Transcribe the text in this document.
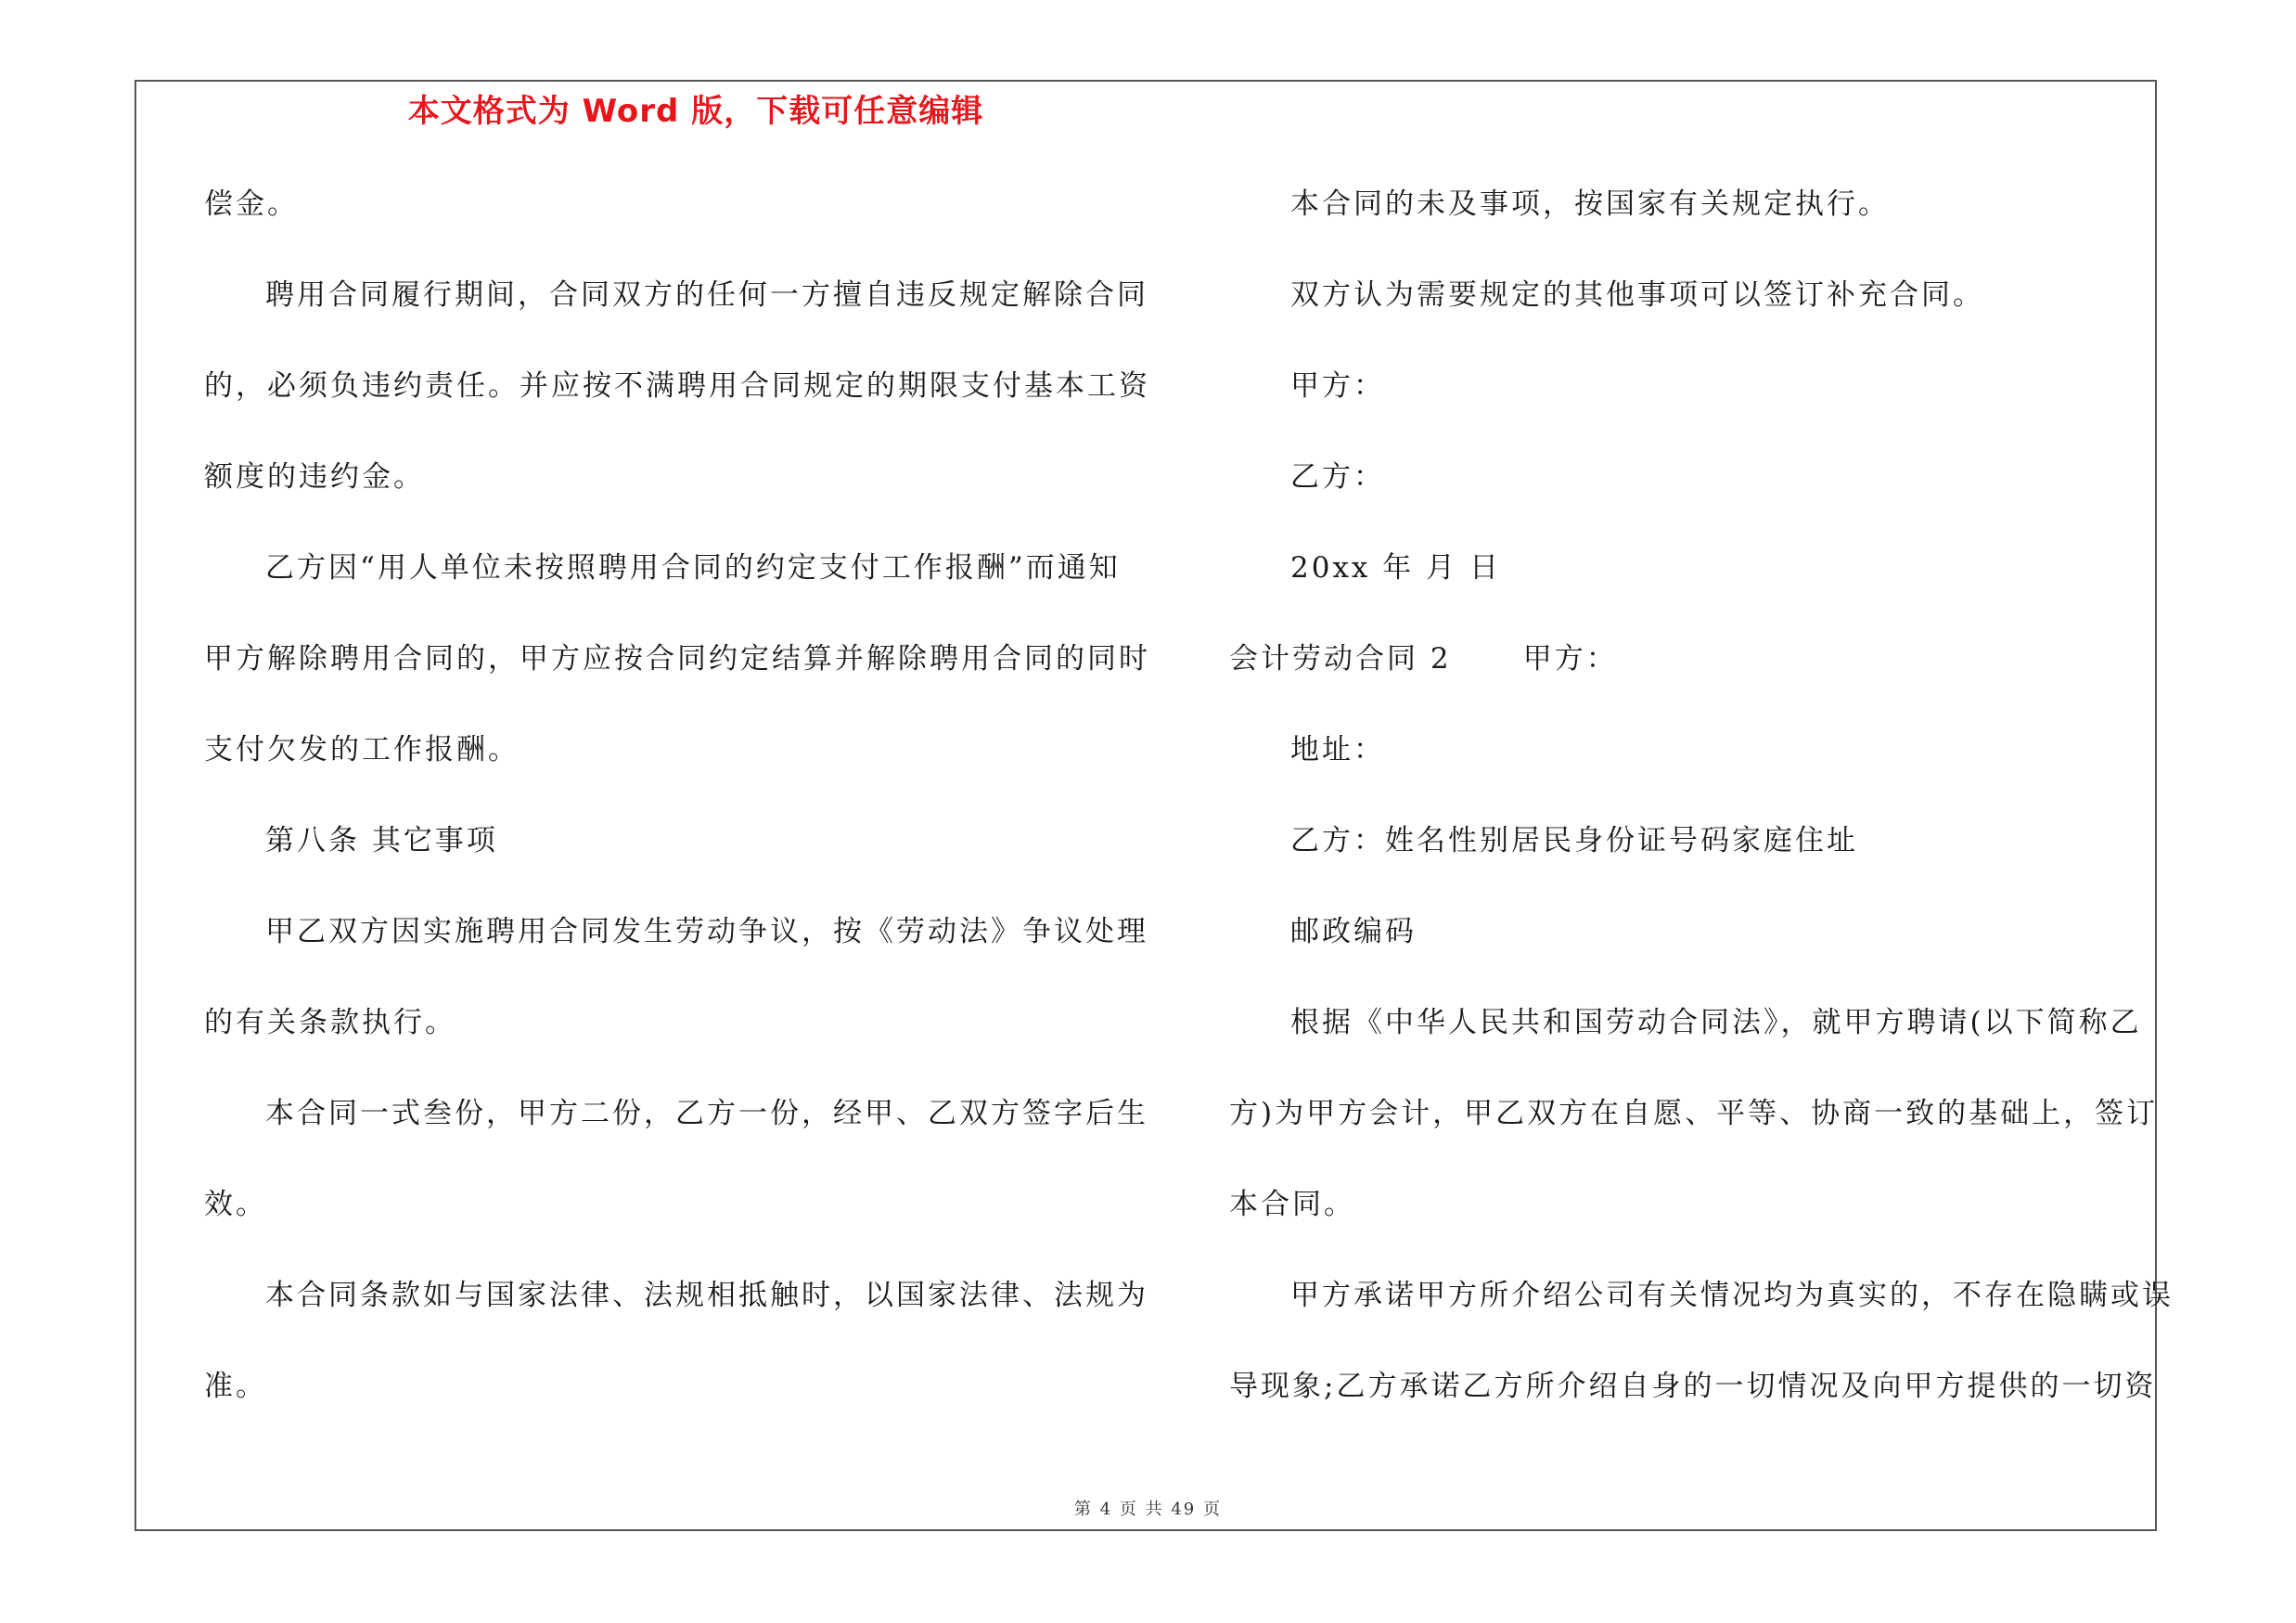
本文格式为 Word 版，下载可任意编辑
偿金。
聘用合同履行期间，合同双方的任何一方擅自违反规定解除合同
的，必须负违约责任。并应按不满聘用合同规定的期限支付基本工资
额度的违约金。
乙方因“用人单位未按照聘用合同的约定支付工作报酬”而通知
甲方解除聘用合同的，甲方应按合同约定结算并解除聘用合同的同时
支付欠发的工作报酬。
第八条 其它事项
甲乙双方因实施聘用合同发生劳动争议，按《劳动法》争议处理
的有关条款执行。
本合同一式叁份，甲方二份，乙方一份，经甲、乙双方签字后生
效。
本合同条款如与国家法律、法规相抵触时，以国家法律、法规为
准。
本合同的未及事项，按国家有关规定执行。
双方认为需要规定的其他事项可以签订补充合同。
甲方：
乙方：
20xx 年 月 日
会计劳动合同 2      甲方：
地址：
乙方：姓名性别居民身份证号码家庭住址
邮政编码
根据《中华人民共和国劳动合同法》，就甲方聘请(以下简称乙
方)为甲方会计，甲乙双方在自愿、平等、协商一致的基础上，签订
本合同。
甲方承诺甲方所介绍公司有关情况均为真实的，不存在隐瞒或误
导现象;乙方承诺乙方所介绍自身的一切情况及向甲方提供的一切资
第 4 页 共 49 页
